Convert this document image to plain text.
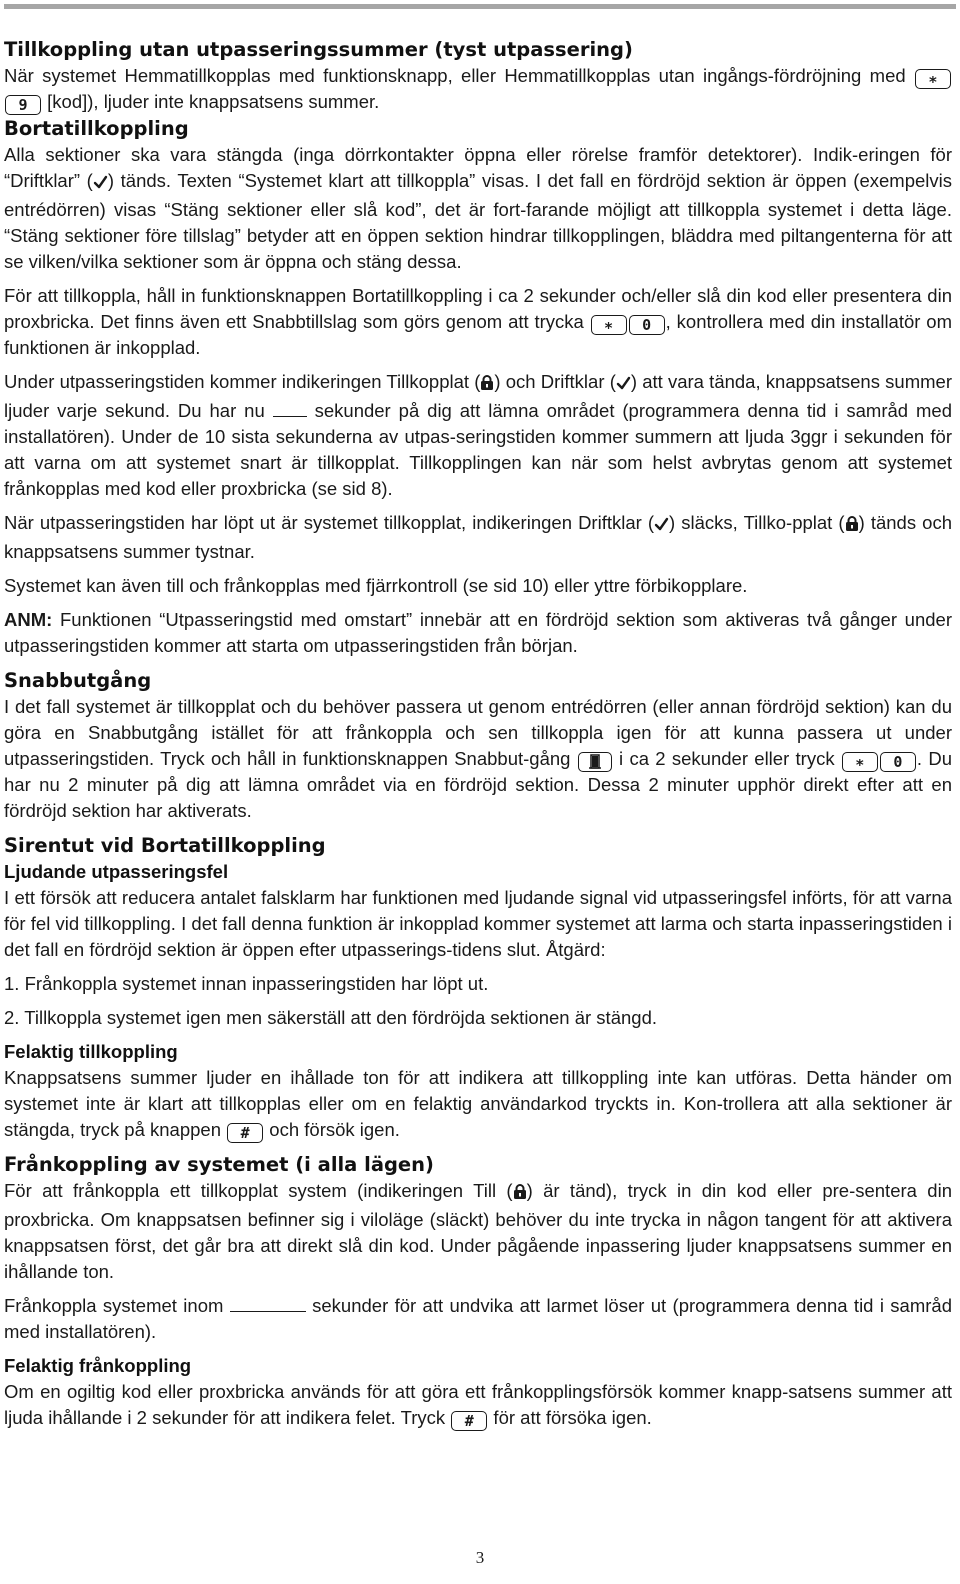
Tillkoppling utan utpasseringssummer (tyst utpassering)

När systemet Hemmatillkopplas med funktionsknapp, eller Hemmatillkopplas utan ingångs-fördröjning med ∗9 [kod]), ljuder inte knappsatsens summer.

Bortatillkoppling

Alla sektioner ska vara stängda (inga dörrkontakter öppna eller rörelse framför detektorer). Indik-eringen för “Driftklar” ( ) tänds. Texten “Systemet klart att tillkoppla” visas. I det fall en fördröjd sektion är öppen (exempelvis entrédörren) visas “Stäng sektioner eller slå kod”, det är fort-farande möjligt att tillkoppla systemet i detta läge. “Stäng sektioner före tillslag” betyder att en öppen sektion hindrar tillkopplingen, bläddra med piltangenterna för att se vilken/vilka sektioner som är öppna och stäng dessa.

För att tillkoppla, håll in funktionsknappen Bortatillkoppling i ca 2 sekunder och/eller slå din kod eller presentera din proxbricka. Det finns även ett Snabbtillslag som görs genom att trycka ∗ 0 , kontrollera med din installatör om funktionen är inkopplad.

Under utpasseringstiden kommer indikeringen Tillkopplat ( ) och Driftklar ( ) att vara tända, knappsatsens summer ljuder varje sekund. Du har nu  sekunder på dig att lämna området (programmera denna tid i samråd med installatören). Under de 10 sista sekunderna av utpas-seringstiden kommer summern att ljuda 3ggr i sekunden för att varna om att systemet snart är tillkopplat. Tillkopplingen kan när som helst avbrytas genom att systemet frånkopplas med kod eller proxbricka (se sid 8).

När utpasseringstiden har löpt ut är systemet tillkopplat, indikeringen Driftklar ( ) släcks, Tillko-pplat ( ) tänds och knappsatsens summer tystnar.

Systemet kan även till och frånkopplas med fjärrkontroll (se sid 10) eller yttre förbikopplare.

ANM: Funktionen “Utpasseringstid med omstart” innebär att en fördröjd sektion som aktiveras två gånger under utpasseringstiden kommer att starta om utpasseringstiden från början.

Snabbutgång

I det fall systemet är tillkopplat och du behöver passera ut genom entrédörren (eller annan fördröjd sektion) kan du göra en Snabbutgång istället för att frånkoppla och sen tillkoppla igen för att kunna passera ut under utpasseringstiden. Tryck och håll in funktionsknappen Snabbut-gång  i ca 2 sekunder eller tryck ∗ 0 . Du har nu 2 minuter på dig att lämna området via en fördröjd sektion. Dessa 2 minuter upphör direkt efter att en fördröjd sektion har aktiverats.

Sirentut vid Bortatillkoppling
Ljudande utpasseringsfel

I ett försök att reducera antalet falsklarm har funktionen med ljudande signal vid utpasseringsfel införts, för att varna för fel vid tillkoppling. I det fall denna funktion är inkopplad kommer systemet att larma och starta inpasseringstiden i det fall en fördröjd sektion är öppen efter utpasserings-tidens slut. Åtgärd:

1. Frånkoppla systemet innan inpasseringstiden har löpt ut.

2. Tillkoppla systemet igen men säkerställ att den fördröjda sektionen är stängd.

Felaktig tillkoppling

Knappsatsens summer ljuder en ihållade ton för att indikera att tillkoppling inte kan utföras. Detta händer om systemet inte är klart att tillkopplas eller om en felaktig användarkod tryckts in. Kon-trollera att alla sektioner är stängda, tryck på knappen # och försök igen.

Frånkoppling av systemet (i alla lägen)

För att frånkoppla ett tillkopplat system (indikeringen Till ( ) är tänd), tryck in din kod eller pre-sentera din proxbricka. Om knappsatsen befinner sig i viloläge (släckt) behöver du inte trycka in någon tangent för att aktivera knappsatsen först, det går bra att direkt slå din kod. Under pågående inpassering ljuder knappsatsens summer en ihållande ton.

Frånkoppla systemet inom	sekunder för att undvika att larmet löser ut (programmera denna tid i samråd med installatören).

Felaktig frånkoppling

Om en ogiltig kod eller proxbricka används för att göra ett frånkopplingsförsök kommer knapp-satsens summer att ljuda ihållande i 2 sekunder för att indikera felet. Tryck # för att försöka igen.

3
